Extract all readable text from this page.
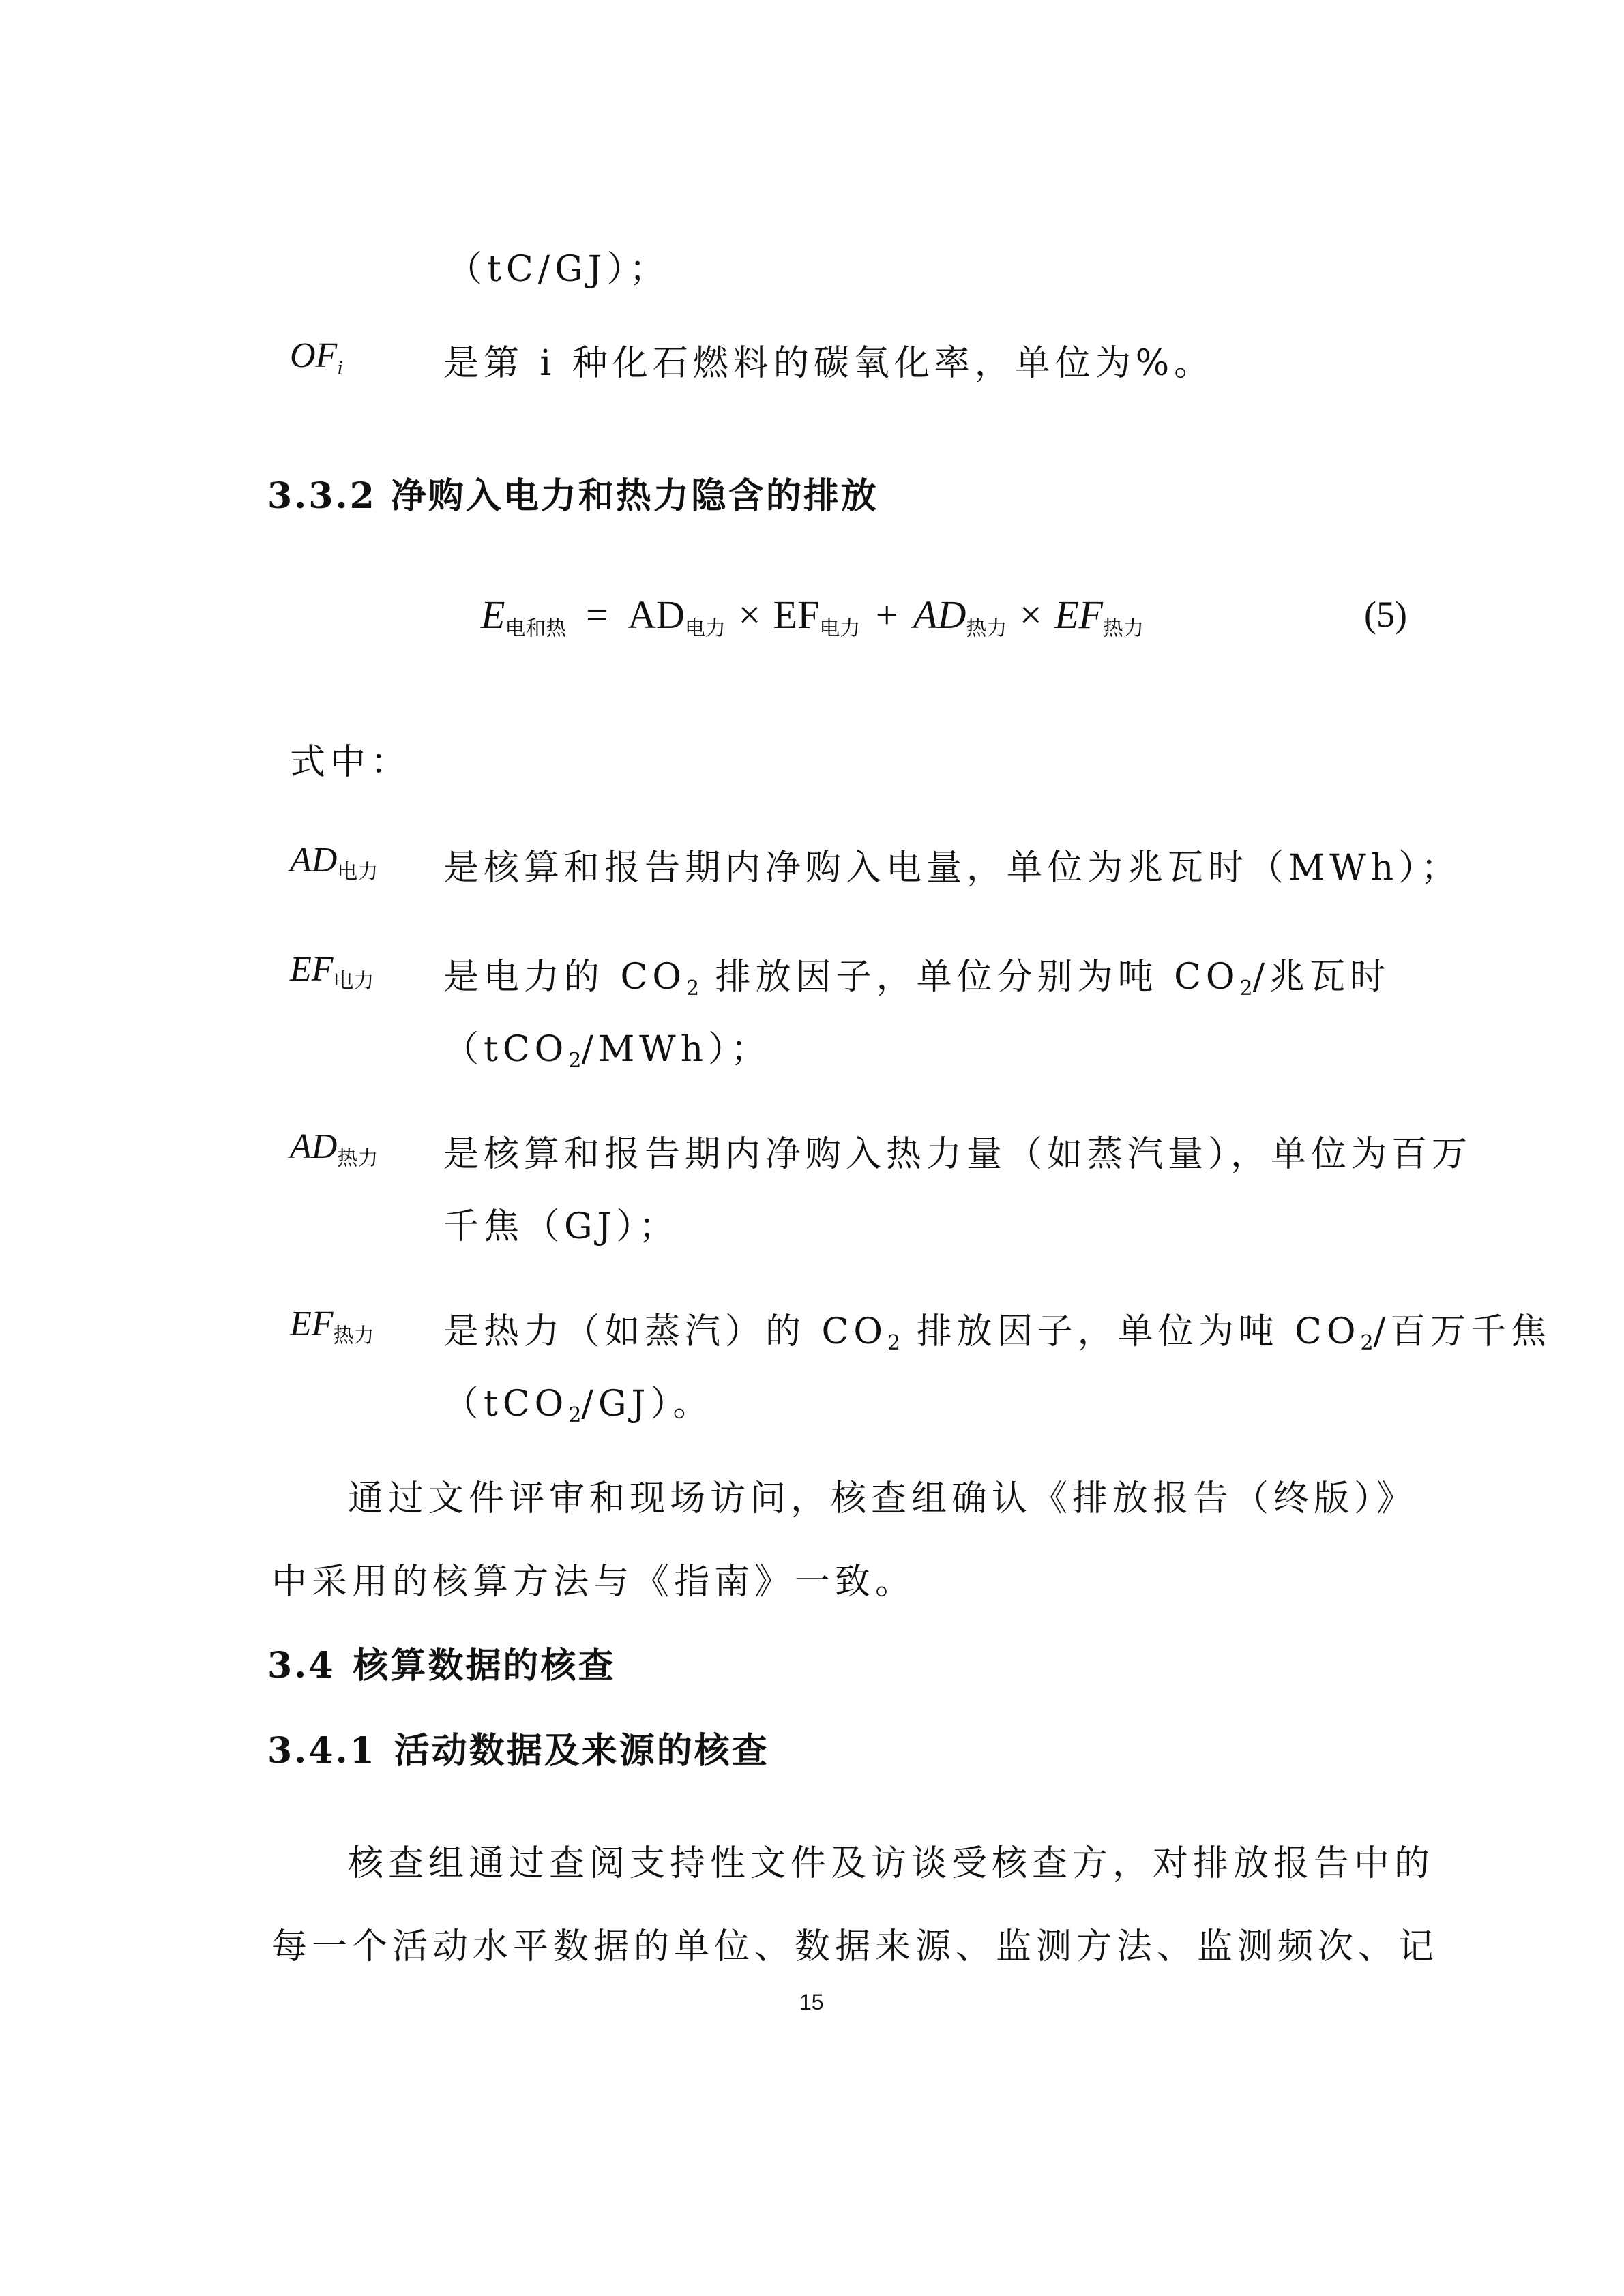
（tC/GJ）；
$OF_i$	是第 i 种化石燃料的碳氧化率，单位为%。
3.3.2 净购入电力和热力隐含的排放
$E_{电和热} = AD_{电力} \times EF_{电力} + AD_{热力} \times EF_{热力}$	(5)
式中：
$AD_{电力}$ 是核算和报告期内净购入电量，单位为兆瓦时（MWh）；
$EF_{电力}$ 是电力的 $CO_2$ 排放因子，单位分别为吨 $CO_2/$兆瓦时
（tCO$_2$/MWh）；
$AD_{热力}$ 是核算和报告期内净购入热力量（如蒸汽量），单位为百万
千焦（GJ）；
$EF_{热力}$ 是热力（如蒸汽）的 $CO_2$ 排放因子，单位为吨 $CO_2/$百万千焦
（tCO$_2$/GJ）。
通过文件评审和现场访问，核查组确认《排放报告（终版）》
中采用的核算方法与《指南》一致。
3.4 核算数据的核查
3.4.1 活动数据及来源的核查
核查组通过查阅支持性文件及访谈受核查方，对排放报告中的
每一个活动水平数据的单位、数据来源、监测方法、监测频次、记
15
